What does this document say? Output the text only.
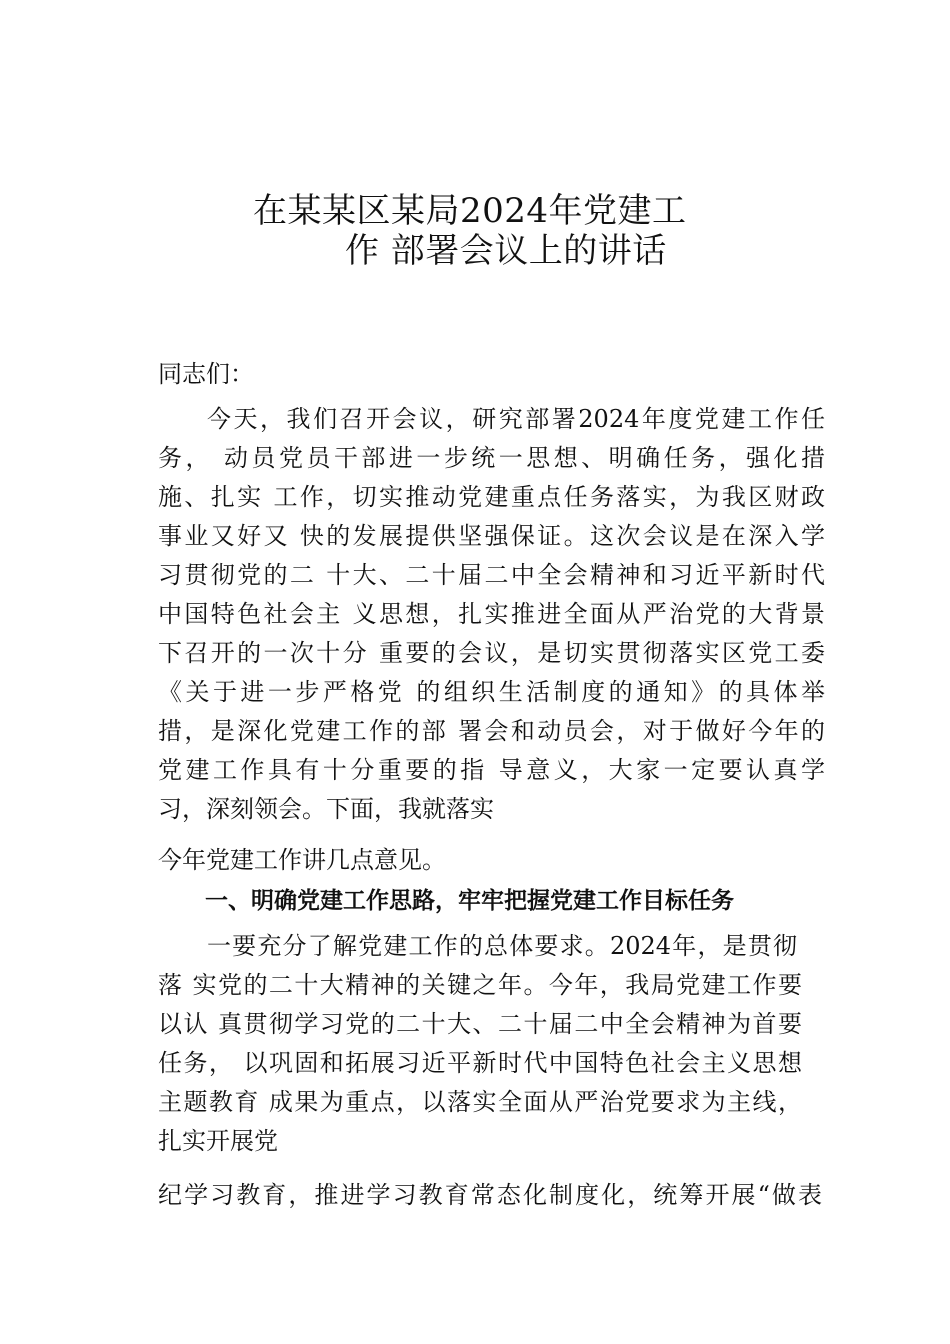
在某某区某局2024年党建工
作 部署会议上的讲话
同志们：
今天，我们召开会议，研究部署2024年度党建工作任
务， 动员党员干部进一步统一思想、明确任务，强化措
施、扎实 工作，切实推动党建重点任务落实，为我区财政
事业又好又 快的发展提供坚强保证。这次会议是在深入学
习贯彻党的二 十大、二十届二中全会精神和习近平新时代
中国特色社会主 义思想，扎实推进全面从严治党的大背景
下召开的一次十分 重要的会议，是切实贯彻落实区党工委
《关于进一步严格党 的组织生活制度的通知》的具体举
措，是深化党建工作的部 署会和动员会，对于做好今年的
党建工作具有十分重要的指 导意义，大家一定要认真学
习，深刻领会。下面，我就落实
今年党建工作讲几点意见。
一、明确党建工作思路，牢牢把握党建工作目标任务
一要充分了解党建工作的总体要求。2024年，是贯彻
落 实党的二十大精神的关键之年。今年，我局党建工作要
以认 真贯彻学习党的二十大、二十届二中全会精神为首要
任务， 以巩固和拓展习近平新时代中国特色社会主义思想
主题教育 成果为重点，以落实全面从严治党要求为主线，
扎实开展党
纪学习教育，推进学习教育常态化制度化，统筹开展“做表
